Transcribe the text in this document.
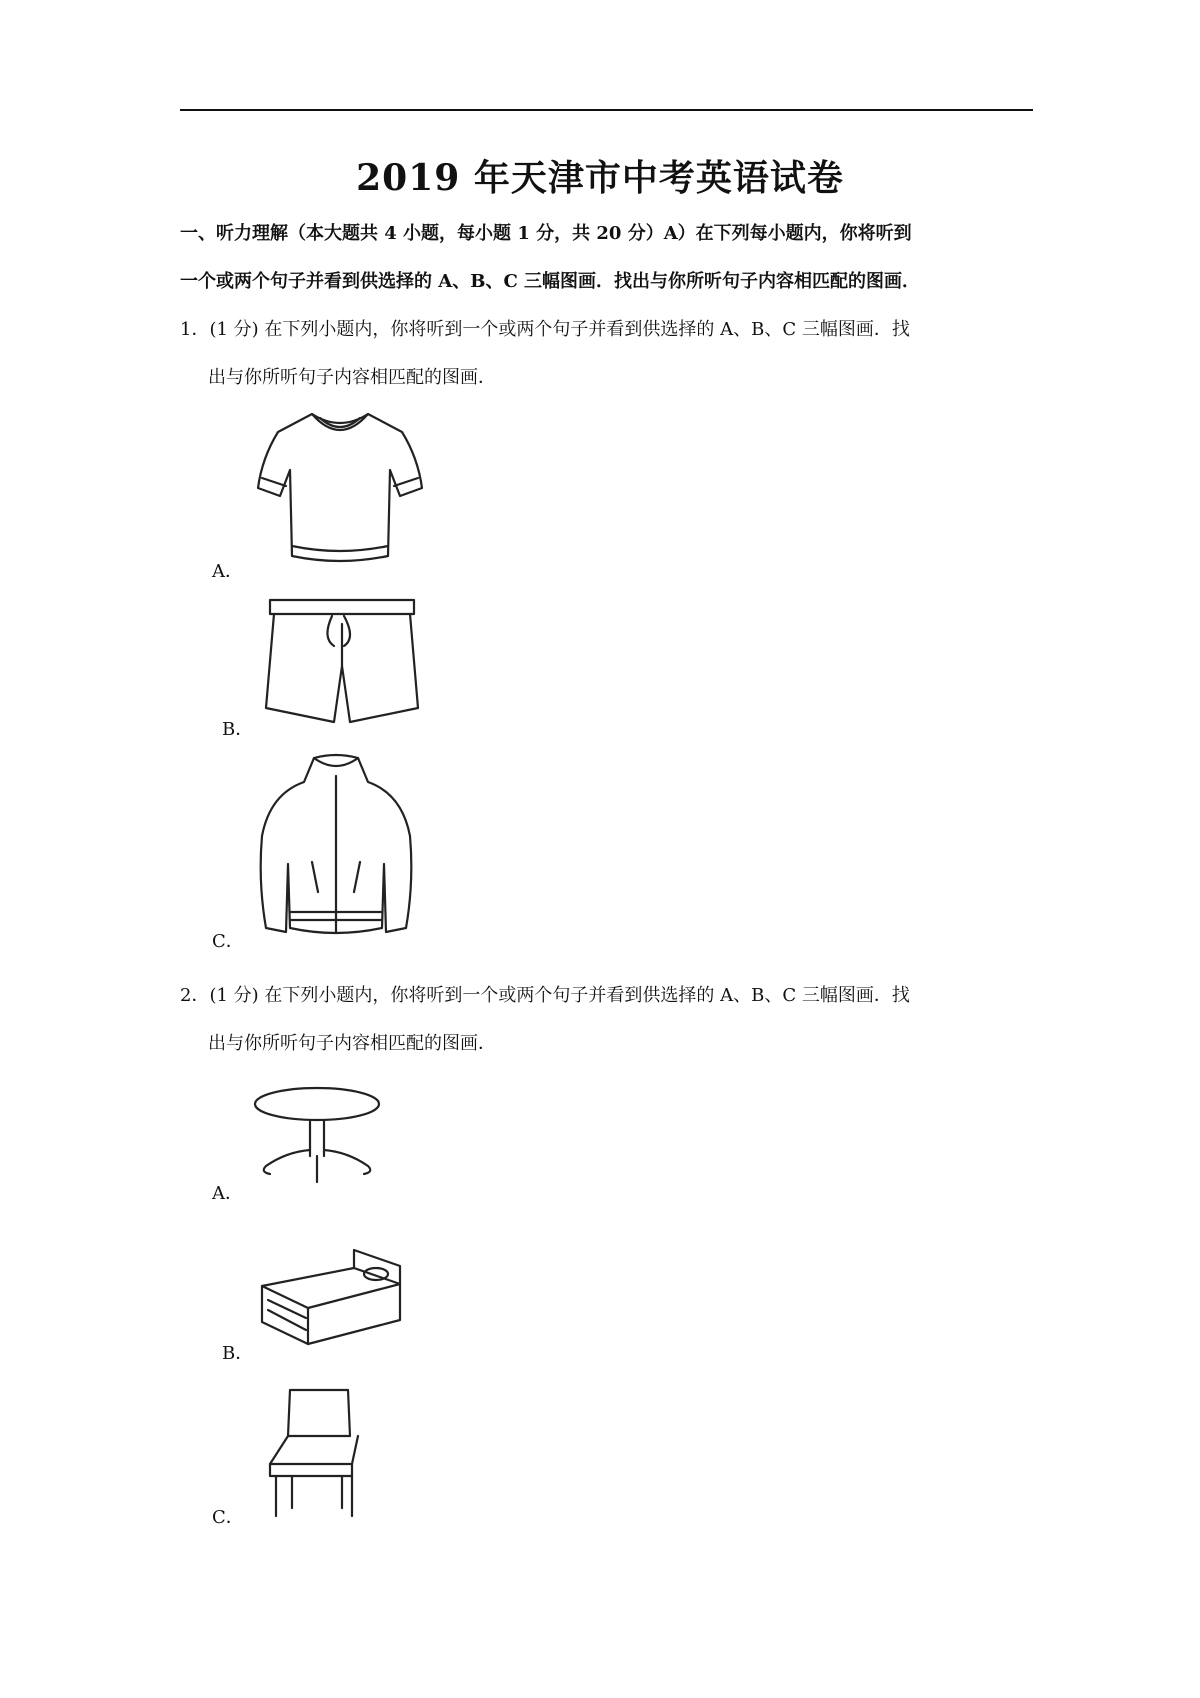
2019 年天津市中考英语试卷
一、听力理解（本大题共 4 小题，每小题 1 分，共 20 分）A）在下列每小题内，你将听到
一个或两个句子并看到供选择的 A、B、C 三幅图画．找出与你所听句子内容相匹配的图画．
1．(1 分) 在下列小题内，你将听到一个或两个句子并看到供选择的 A、B、C 三幅图画．找
出与你所听句子内容相匹配的图画．
A．
B．
C．
2．(1 分) 在下列小题内，你将听到一个或两个句子并看到供选择的 A、B、C 三幅图画．找
出与你所听句子内容相匹配的图画．
A．
B．
C．
